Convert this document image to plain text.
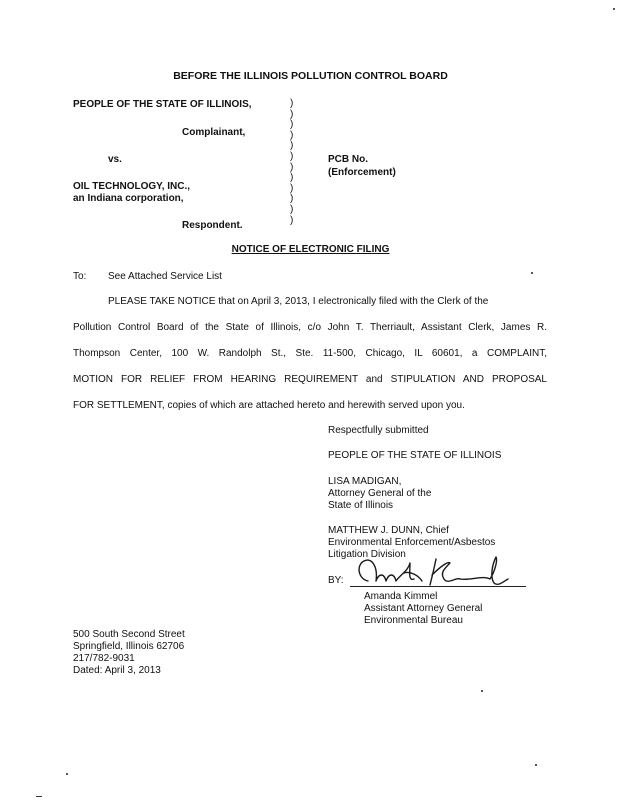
BEFORE THE ILLINOIS POLLUTION CONTROL BOARD
PEOPLE OF THE STATE OF ILLINOIS,
Complainant,
vs.
OIL TECHNOLOGY, INC.,
an Indiana corporation,
Respondent.
)
)
)
)
)
)
)
)
)
)
)
)
PCB No.
(Enforcement)
NOTICE OF ELECTRONIC FILING
To: See Attached Service List
PLEASE TAKE NOTICE that on April 3, 2013, I electronically filed with the Clerk of the
Pollution Control Board of the State of Illinois, c/o John T. Therriault, Assistant Clerk, James R.
Thompson Center, 100 W. Randolph St., Ste. 11-500, Chicago, IL 60601, a COMPLAINT,
MOTION FOR RELIEF FROM HEARING REQUIREMENT and STIPULATION AND PROPOSAL
FOR SETTLEMENT, copies of which are attached hereto and herewith served upon you.
Respectfully submitted
PEOPLE OF THE STATE OF ILLINOIS
LISA MADIGAN,
Attorney General of the
State of Illinois
MATTHEW J. DUNN, Chief
Environmental Enforcement/Asbestos
Litigation Division
BY:
Amanda Kimmel
Assistant Attorney General
Environmental Bureau
500 South Second Street
Springfield, Illinois 62706
217/782-9031
Dated: April 3, 2013
